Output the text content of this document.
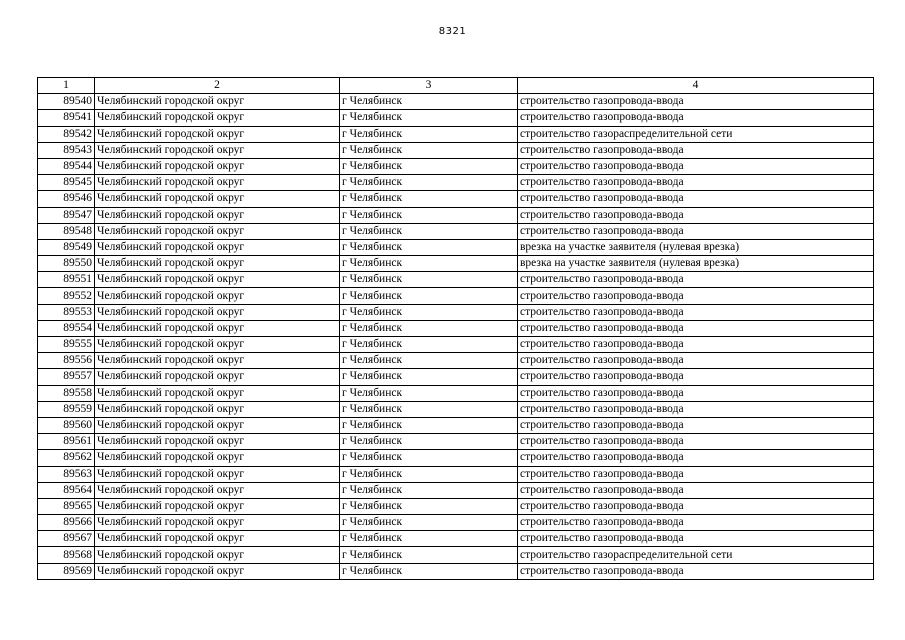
8321
1	2	3	4
89540	Челябинский городской округ	г Челябинск	строительство газопровода-ввода
89541	Челябинский городской округ	г Челябинск	строительство газопровода-ввода
89542	Челябинский городской округ	г Челябинск	строительство газораспределительной сети
89543	Челябинский городской округ	г Челябинск	строительство газопровода-ввода
89544	Челябинский городской округ	г Челябинск	строительство газопровода-ввода
89545	Челябинский городской округ	г Челябинск	строительство газопровода-ввода
89546	Челябинский городской округ	г Челябинск	строительство газопровода-ввода
89547	Челябинский городской округ	г Челябинск	строительство газопровода-ввода
89548	Челябинский городской округ	г Челябинск	строительство газопровода-ввода
89549	Челябинский городской округ	г Челябинск	врезка на участке заявителя (нулевая врезка)
89550	Челябинский городской округ	г Челябинск	врезка на участке заявителя (нулевая врезка)
89551	Челябинский городской округ	г Челябинск	строительство газопровода-ввода
89552	Челябинский городской округ	г Челябинск	строительство газопровода-ввода
89553	Челябинский городской округ	г Челябинск	строительство газопровода-ввода
89554	Челябинский городской округ	г Челябинск	строительство газопровода-ввода
89555	Челябинский городской округ	г Челябинск	строительство газопровода-ввода
89556	Челябинский городской округ	г Челябинск	строительство газопровода-ввода
89557	Челябинский городской округ	г Челябинск	строительство газопровода-ввода
89558	Челябинский городской округ	г Челябинск	строительство газопровода-ввода
89559	Челябинский городской округ	г Челябинск	строительство газопровода-ввода
89560	Челябинский городской округ	г Челябинск	строительство газопровода-ввода
89561	Челябинский городской округ	г Челябинск	строительство газопровода-ввода
89562	Челябинский городской округ	г Челябинск	строительство газопровода-ввода
89563	Челябинский городской округ	г Челябинск	строительство газопровода-ввода
89564	Челябинский городской округ	г Челябинск	строительство газопровода-ввода
89565	Челябинский городской округ	г Челябинск	строительство газопровода-ввода
89566	Челябинский городской округ	г Челябинск	строительство газопровода-ввода
89567	Челябинский городской округ	г Челябинск	строительство газопровода-ввода
89568	Челябинский городской округ	г Челябинск	строительство газораспределительной сети
89569	Челябинский городской округ	г Челябинск	строительство газопровода-ввода
